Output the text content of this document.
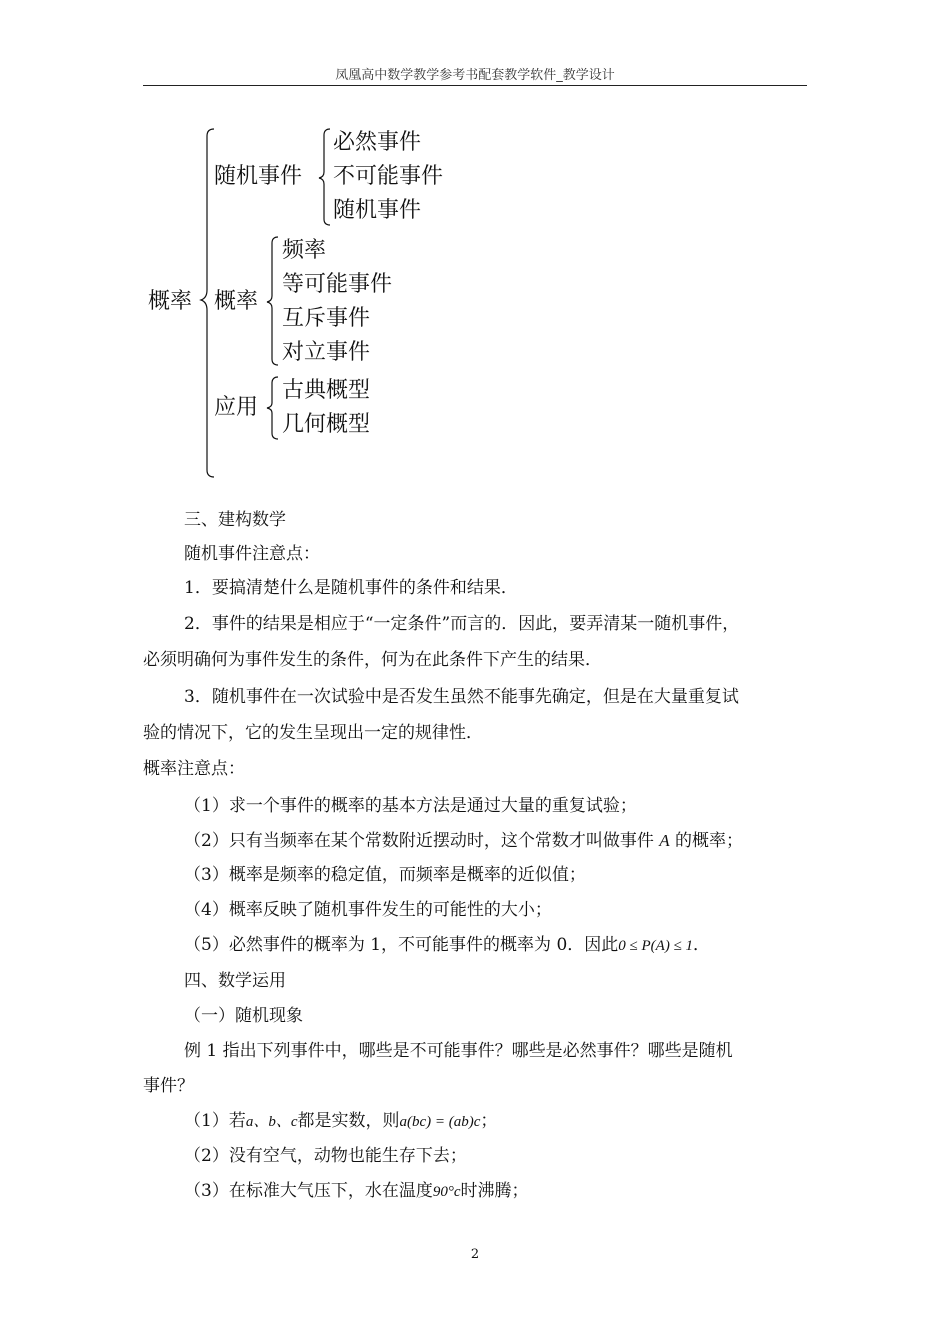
凤凰高中数学教学参考书配套教学软件_教学设计
概率
随机事件
必然事件
不可能事件
随机事件
概率
频率
等可能事件
互斥事件
对立事件
应用
古典概型
几何概型
三、建构数学
随机事件注意点：
1．要搞清楚什么是随机事件的条件和结果．
2．事件的结果是相应于“一定条件”而言的．因此，要弄清某一随机事件，
必须明确何为事件发生的条件，何为在此条件下产生的结果．
3．随机事件在一次试验中是否发生虽然不能事先确定，但是在大量重复试
验的情况下，它的发生呈现出一定的规律性．
概率注意点：
（1）求一个事件的概率的基本方法是通过大量的重复试验；
（2）只有当频率在某个常数附近摆动时，这个常数才叫做事件 A 的概率；
（3）概率是频率的稳定值，而频率是概率的近似值；
（4）概率反映了随机事件发生的可能性的大小；
（5）必然事件的概率为 1，不可能事件的概率为 0．因此0 ≤ P(A) ≤ 1．
四、数学运用
（一）随机现象
例 1 指出下列事件中，哪些是不可能事件？哪些是必然事件？哪些是随机
事件？
（1）若a、b、c都是实数，则a(bc) = (ab)c；
（2）没有空气，动物也能生存下去；
（3）在标准大气压下，水在温度90°c时沸腾；
2
